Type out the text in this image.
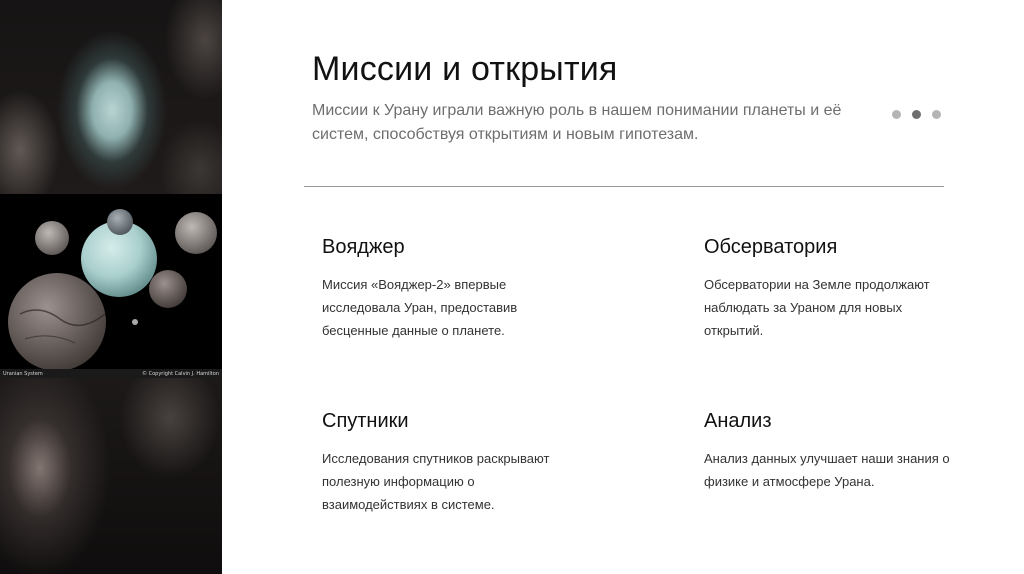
Uranian System	© Copyright Calvin J. Hamilton
Миссии и открытия

Миссии к Урану играли важную роль в нашем понимании планеты и её систем, способствуя открытиям и новым гипотезам.

Вояджер

Миссия «Вояджер-2» впервые исследовала Уран, предоставив бесценные данные о планете.

Обсерватория

Обсерватории на Земле продолжают наблюдать за Ураном для новых открытий.

Спутники

Исследования спутников раскрывают полезную информацию о взаимодействиях в системе.

Анализ

Анализ данных улучшает наши знания о физике и атмосфере Урана.
